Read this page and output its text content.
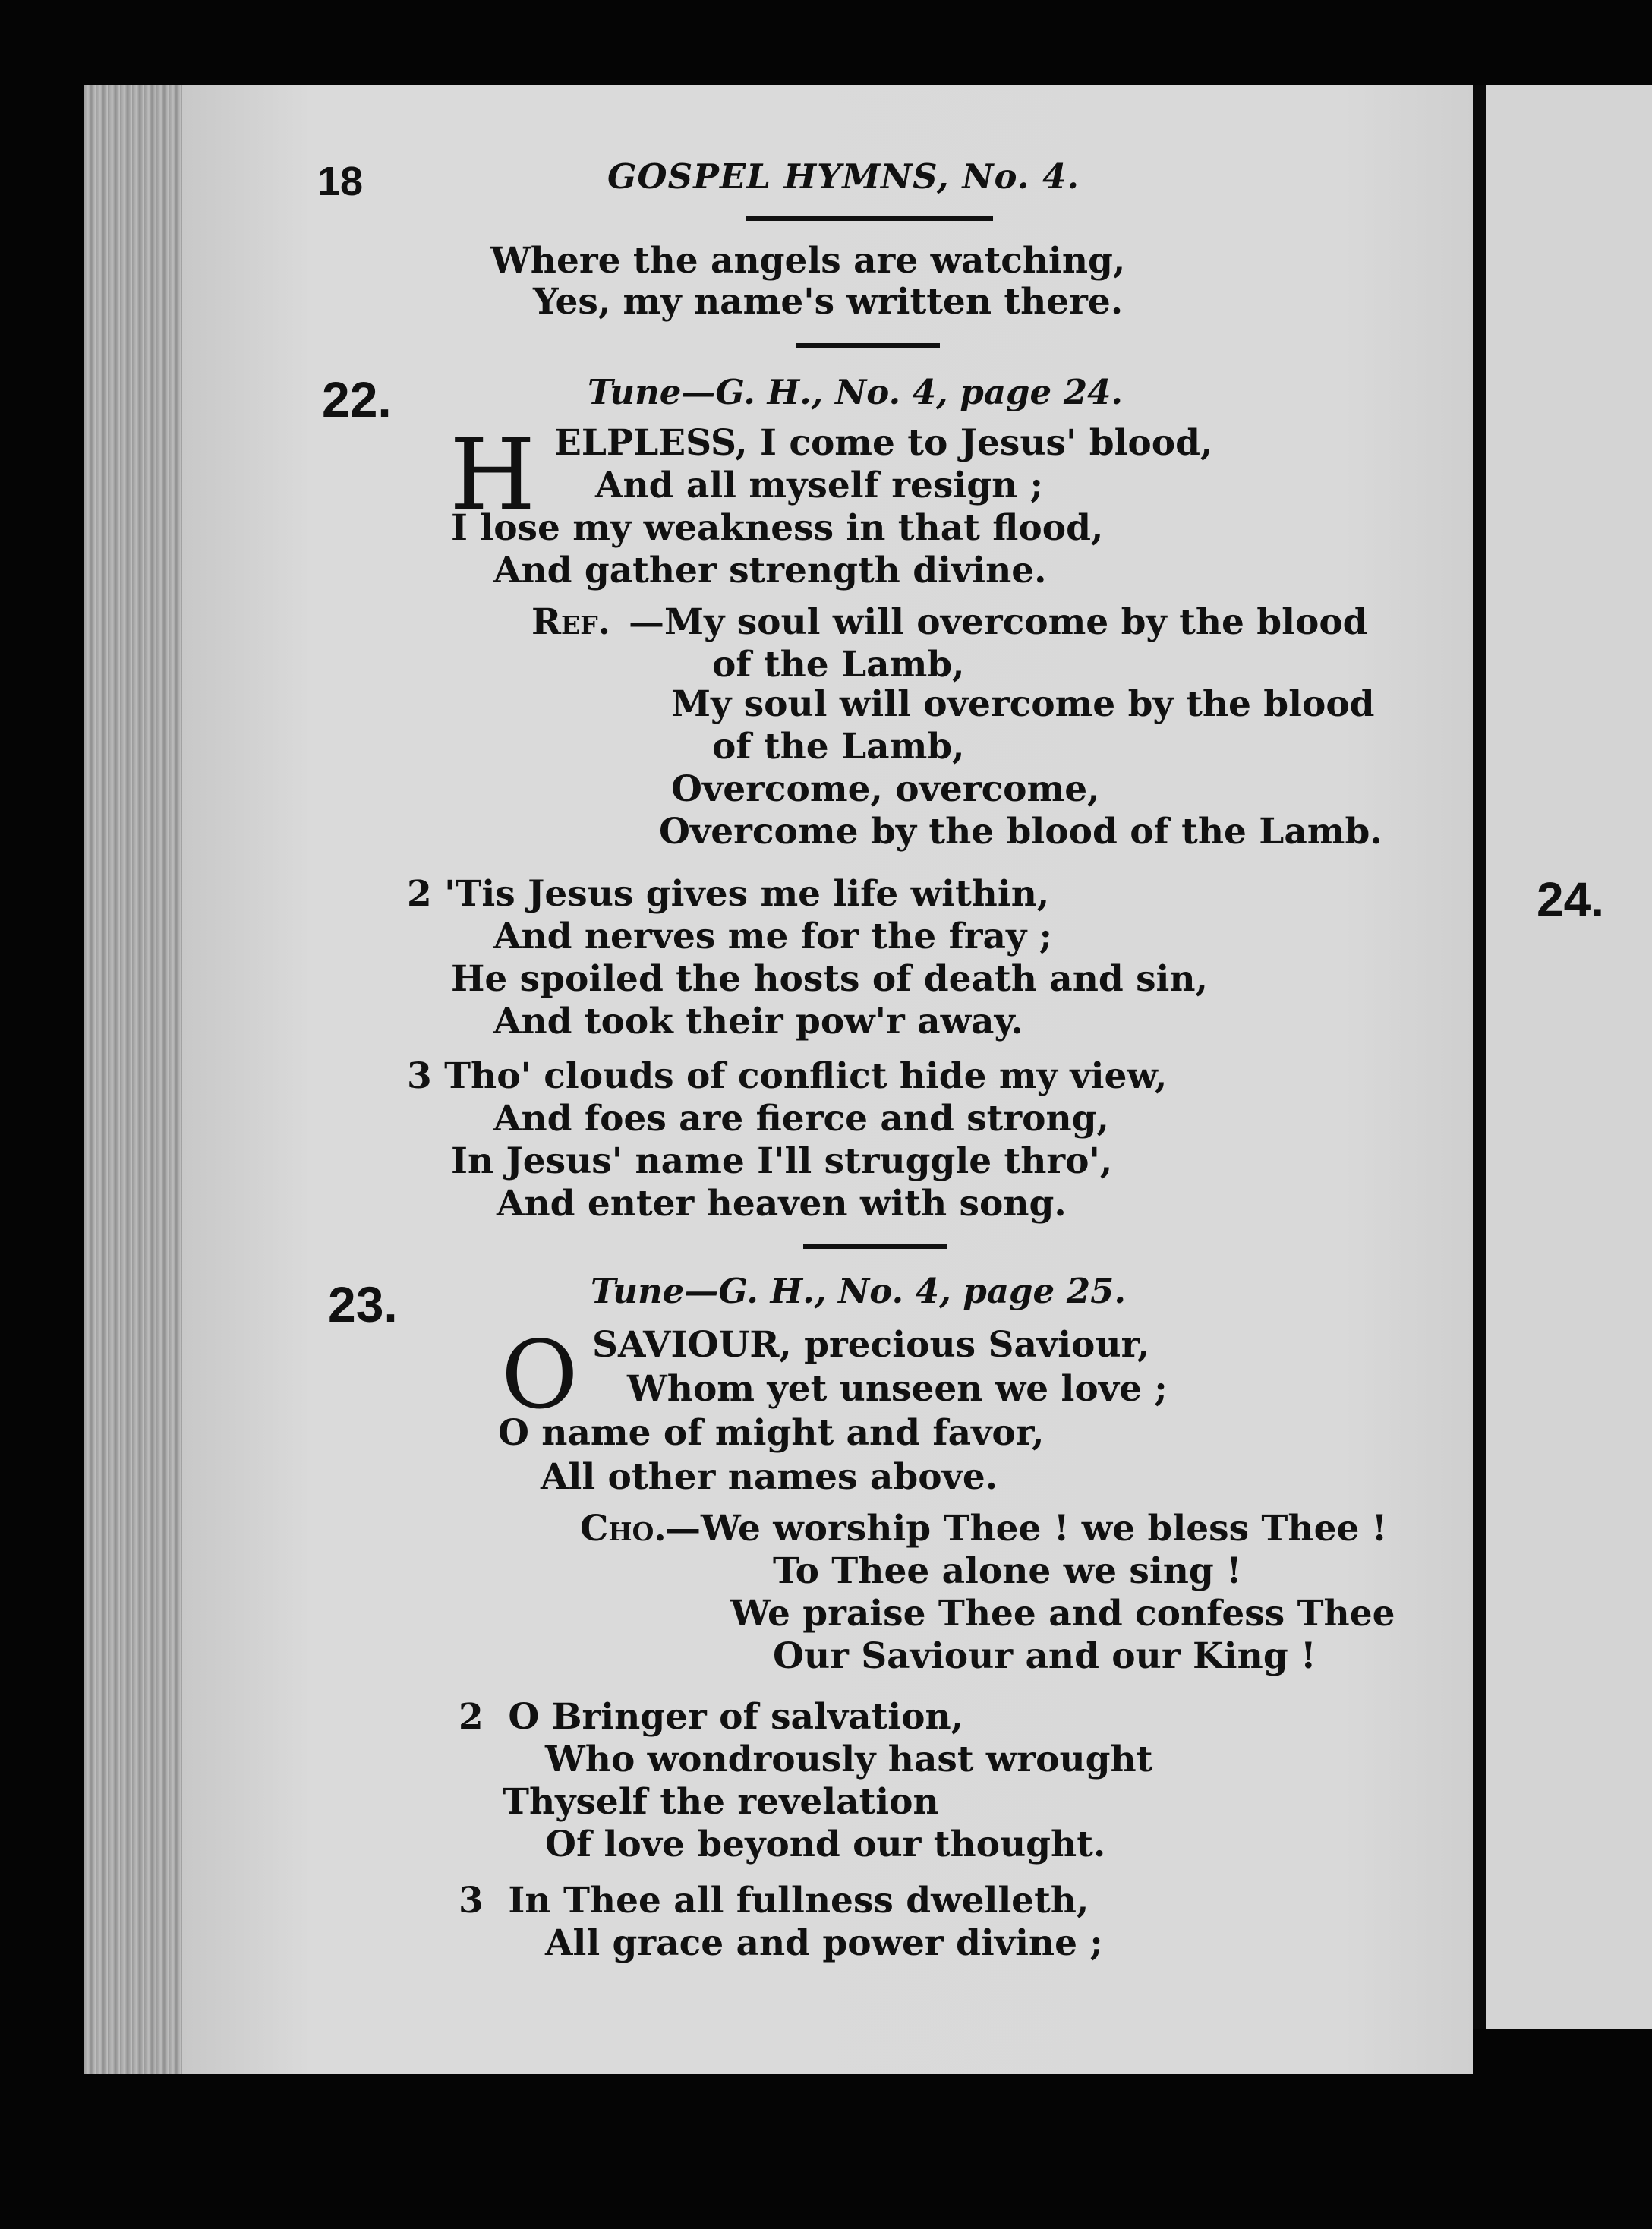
18	GOSPEL HYMNS, No. 4.
Where the angels are watching,
Yes, my name's written there.
22.	Tune—G. H., No. 4, page 24.
H ELPLESS, I come to Jesus' blood,
And all myself resign ;
I lose my weakness in that flood,
And gather strength divine.
Ref. —My soul will overcome by the blood
of the Lamb,
My soul will overcome by the blood
of the Lamb,
Overcome, overcome,
Overcome by the blood of the Lamb.
2 'Tis Jesus gives me life within,
And nerves me for the fray ;
He spoiled the hosts of death and sin,
And took their pow'r away.
3 Tho' clouds of conflict hide my view,
And foes are fierce and strong,
In Jesus' name I'll struggle thro',
And enter heaven with song.
23.	Tune—G. H., No. 4, page 25.
O SAVIOUR, precious Saviour,
Whom yet unseen we love ;
O name of might and favor,
All other names above.
Cho.
—We worship Thee ! we bless Thee !
To Thee alone we sing !
We praise Thee and confess Thee
Our Saviour and our King !
2  O Bringer of salvation,
Who wondrously hast wrought
Thyself the revelation
Of love beyond our thought.
3  In Thee all fullness dwelleth,
All grace and power divine ;
24.
